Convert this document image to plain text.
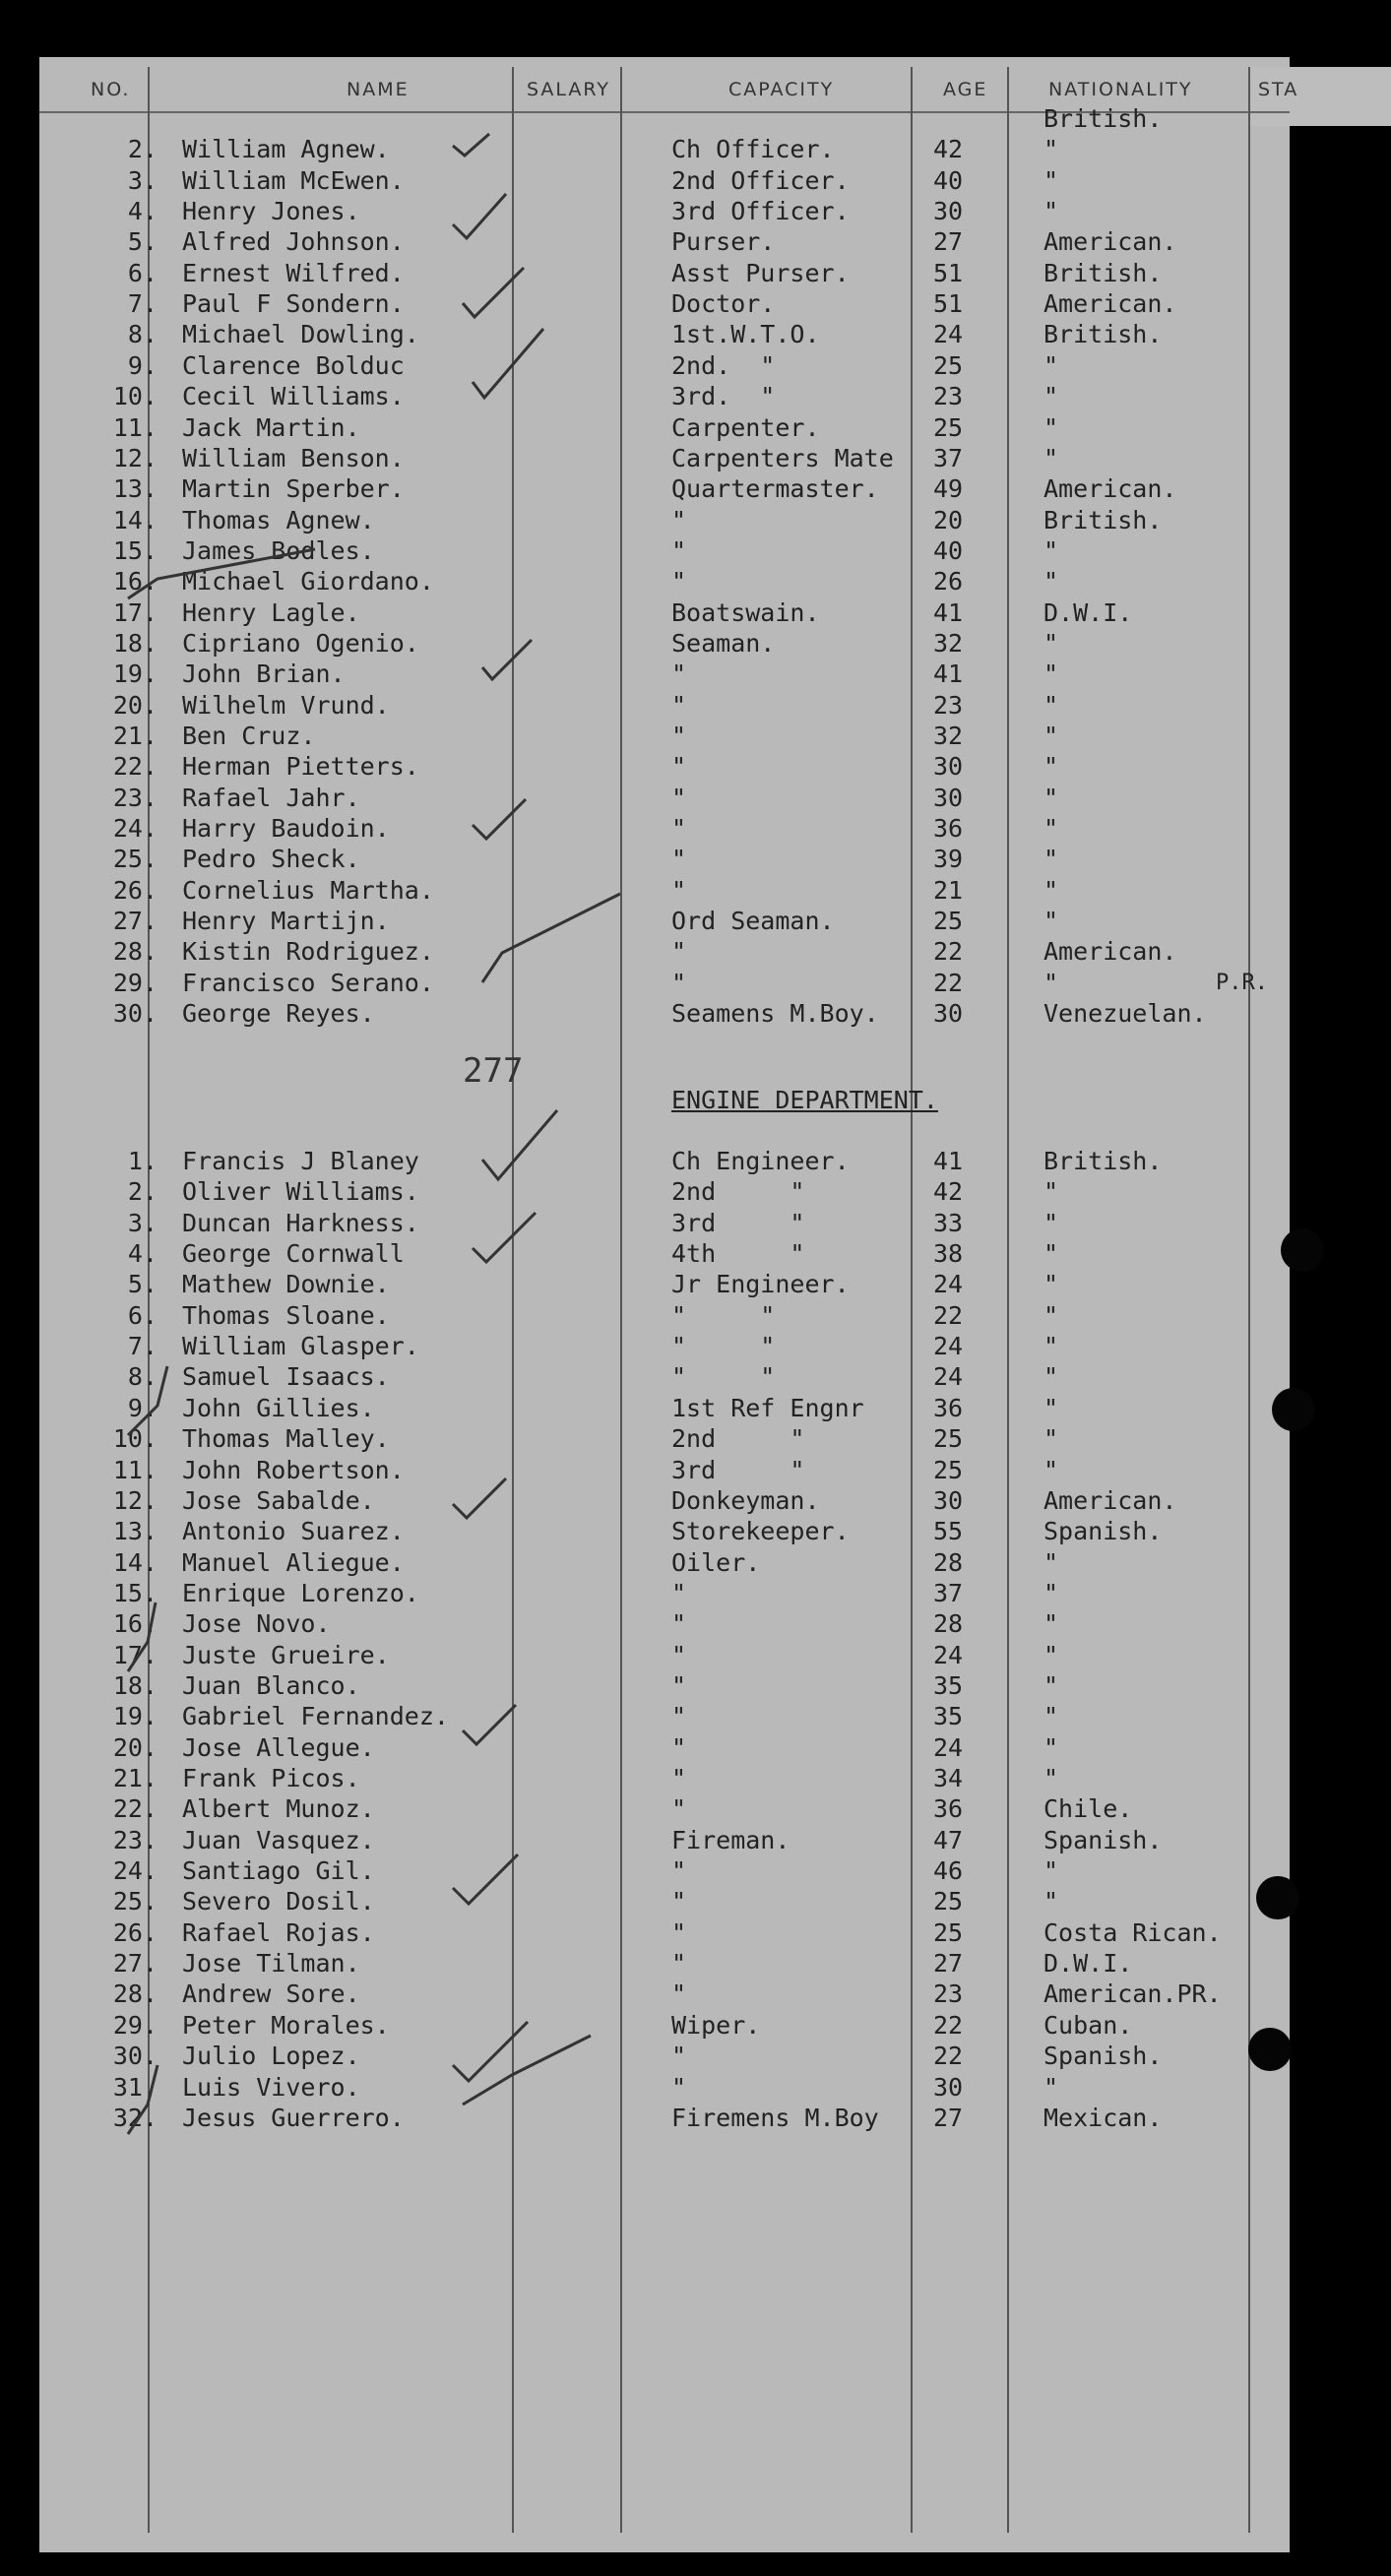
NO.	NAME	SALARY	CAPACITY	AGE	NATIONALITY	STA
British.
2. William Agnew.	Ch Officer.	42	"
3. William McEwen.	2nd Officer.	40	"
4. Henry Jones.	3rd Officer.	30	"
5. Alfred Johnson.	Purser.	27	American.
6. Ernest Wilfred.	Asst Purser.	51	British.
7. Paul F Sondern.	Doctor.	51	American.
8. Michael Dowling.	1st.W.T.O.	24	British.
9. Clarence Bolduc	2nd.  "	25	"
10. Cecil Williams.	3rd.  "	23	"
11. Jack Martin.	Carpenter.	25	"
12. William Benson.	Carpenters Mate 37	"
13. Martin Sperber.	Quartermaster. 49	American.
14. Thomas Agnew.	"	20	British.
15. James Bodles.	"	40	"
16. Michael Giordano.	"	26	"
17. Henry Lagle.	Boatswain.	41	D.W.I.
18. Cipriano Ogenio.	Seaman.	32	"
19. John Brian.	"	41	"
20. Wilhelm Vrund.	"	23	"
21. Ben Cruz.	"	32	"
22. Herman Pietters.	"	30	"
23. Rafael Jahr.	"	30	"
24. Harry Baudoin.	"	36	"
25. Pedro Sheck.	"	39	"
26. Cornelius Martha.	"	21	"
27. Henry Martijn.	Ord Seaman.	25	"
28. Kistin Rodriguez.	"	22	American.
29. Francisco Serano.	"	22	"	P.R.
30. George Reyes.	Seamens M.Boy. 30	Venezuelan.
277
ENGINE DEPARTMENT.
1. Francis J Blaney	Ch Engineer.	41	British.
2. Oliver Williams.	2nd     "	42	"
3. Duncan Harkness.	3rd     "	33	"
4. George Cornwall	4th     "	38	"
5. Mathew Downie.	Jr Engineer.	24	"
6. Thomas Sloane.	"     "	22	"
7. William Glasper.	"     "	24	"
8. Samuel Isaacs.	"     "	24	"
9. John Gillies.	1st Ref Engnr	36	"
10. Thomas Malley.	2nd     "	25	"
11. John Robertson.	3rd     "	25	"
12. Jose Sabalde.	Donkeyman.	30	American.
13. Antonio Suarez.	Storekeeper.	55	Spanish.
14. Manuel Aliegue.	Oiler.	28	"
15. Enrique Lorenzo.	"	37	"
16. Jose Novo.	"	28	"
17. Juste Grueire.	"	24	"
18. Juan Blanco.	"	35	"
19. Gabriel Fernandez.	"	35	"
20. Jose Allegue.	"	24	"
21. Frank Picos.	"	34	"
22. Albert Munoz.	"	36	Chile.
23. Juan Vasquez.	Fireman.	47	Spanish.
24. Santiago Gil.	"	46	"
25. Severo Dosil.	"	25	"
26. Rafael Rojas.	"	25	Costa Rican.
27. Jose Tilman.	"	27	D.W.I.
28. Andrew Sore.	"	23	American.PR.
29. Peter Morales.	Wiper.	22	Cuban.
30. Julio Lopez.	"	22	Spanish.
31. Luis Vivero.	"	30	"
32. Jesus Guerrero.	Firemens M.Boy 27	Mexican.
